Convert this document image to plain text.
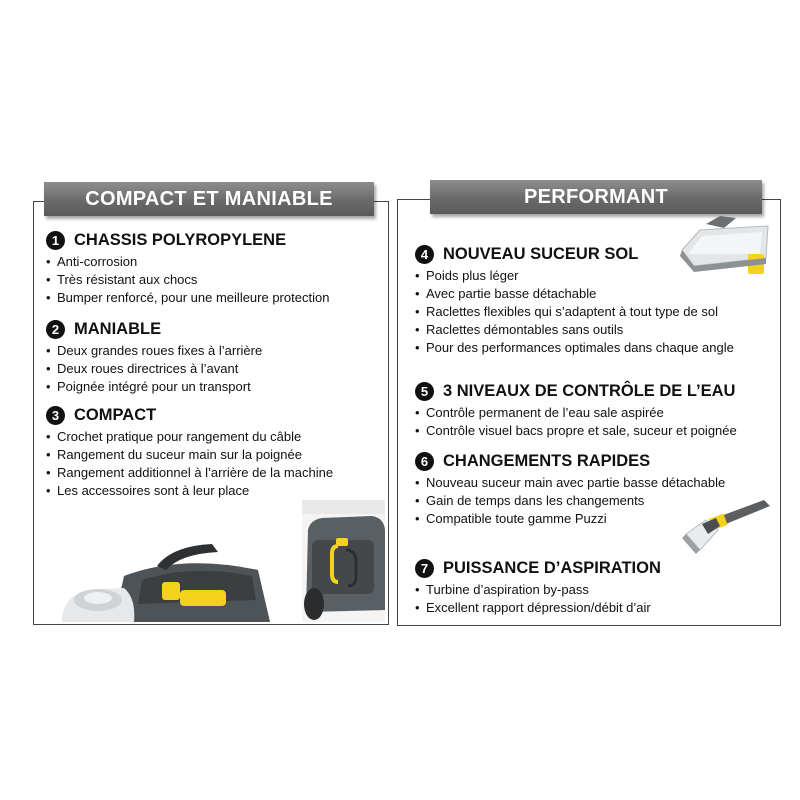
COMPACT ET MANIABLE	PERFORMANT
1 CHASSIS POLYROPYLENE
• Anti-corrosion
• Très résistant aux chocs
• Bumper renforcé, pour une meilleure protection
2 MANIABLE
• Deux grandes roues fixes à l’arrière
• Deux roues directrices à l’avant
• Poignée intégré pour un transport
3 COMPACT
• Crochet pratique pour rangement du câble
• Rangement du suceur main sur la poignée
• Rangement additionnel à l’arrière de la machine
• Les accessoires sont à leur place
4 NOUVEAU SUCEUR SOL
• Poids plus léger
• Avec partie basse détachable
• Raclettes flexibles qui s’adaptent à tout type de sol
• Raclettes démontables sans outils
• Pour des performances optimales dans chaque angle
5 3 NIVEAUX DE CONTRÔLE DE L’EAU
• Contrôle permanent de l’eau sale aspirée
• Contrôle visuel bacs propre et sale, suceur et poignée
6 CHANGEMENTS RAPIDES
• Nouveau suceur main avec partie basse détachable
• Gain de temps dans les changements
• Compatible toute gamme Puzzi
7 PUISSANCE D’ASPIRATION
• Turbine d’aspiration by-pass
• Excellent rapport dépression/débit d’air
